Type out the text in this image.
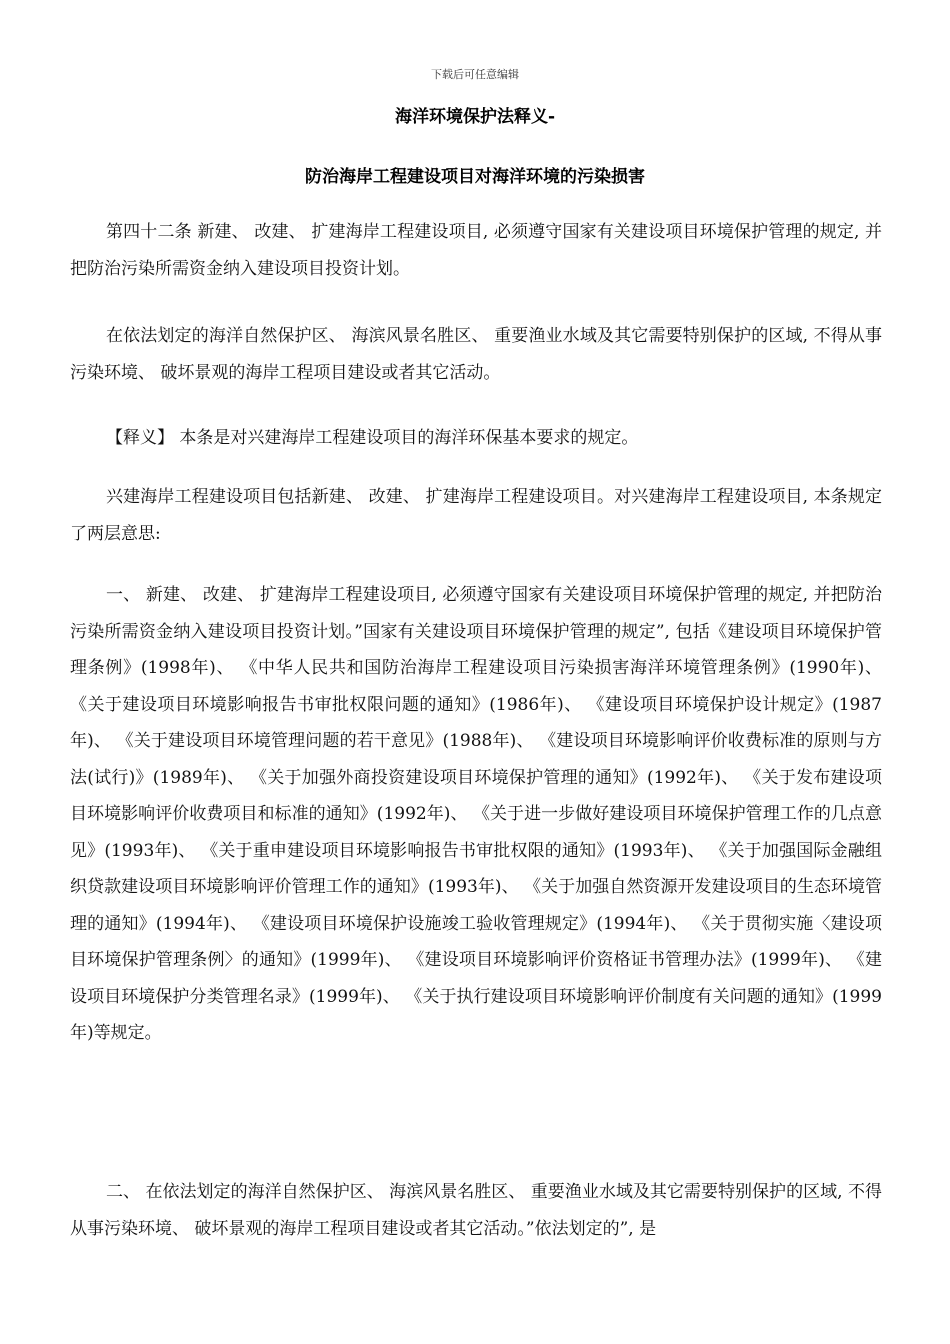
下载后可任意编辑
海洋环境保护法释义-
防治海岸工程建设项目对海洋环境的污染损害

第四十二条 新建、 改建、 扩建海岸工程建设项目, 必须遵守国家有关建设项目环境保护管理的规定, 并把防治污染所需资金纳入建设项目投资计划。

在依法划定的海洋自然保护区、 海滨风景名胜区、 重要渔业水域及其它需要特别保护的区域, 不得从事污染环境、 破坏景观的海岸工程项目建设或者其它活动。

【释义】 本条是对兴建海岸工程建设项目的海洋环保基本要求的规定。

兴建海岸工程建设项目包括新建、 改建、 扩建海岸工程建设项目。对兴建海岸工程建设项目, 本条规定了两层意思:

一、 新建、 改建、 扩建海岸工程建设项目, 必须遵守国家有关建设项目环境保护管理的规定, 并把防治污染所需资金纳入建设项目投资计划。”国家有关建设项目环境保护管理的规定”, 包括《建设项目环境保护管理条例》(1998年)、 《中华人民共和国防治海岸工程建设项目污染损害海洋环境管理条例》(1990年)、 《关于建设项目环境影响报告书审批权限问题的通知》(1986年)、 《建设项目环境保护设计规定》(1987年)、 《关于建设项目环境管理问题的若干意见》(1988年)、 《建设项目环境影响评价收费标准的原则与方法(试行)》(1989年)、 《关于加强外商投资建设项目环境保护管理的通知》(1992年)、 《关于发布建设项目环境影响评价收费项目和标准的通知》(1992年)、 《关于进一步做好建设项目环境保护管理工作的几点意见》(1993年)、 《关于重申建设项目环境影响报告书审批权限的通知》(1993年)、 《关于加强国际金融组织贷款建设项目环境影响评价管理工作的通知》(1993年)、 《关于加强自然资源开发建设项目的生态环境管理的通知》(1994年)、 《建设项目环境保护设施竣工验收管理规定》(1994年)、 《关于贯彻实施〈建设项目环境保护管理条例〉的通知》(1999年)、 《建设项目环境影响评价资格证书管理办法》(1999年)、 《建设项目环境保护分类管理名录》(1999年)、 《关于执行建设项目环境影响评价制度有关问题的通知》(1999年)等规定。

二、 在依法划定的海洋自然保护区、 海滨风景名胜区、 重要渔业水域及其它需要特别保护的区域, 不得从事污染环境、 破坏景观的海岸工程项目建设或者其它活动。”依法划定的”, 是
